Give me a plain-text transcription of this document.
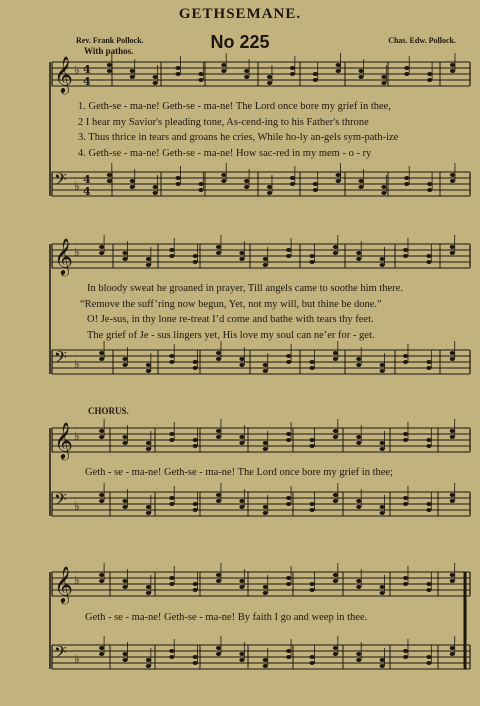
𝄞 ♭ 4
4
𝄢 ♭ 4
4
𝄞 ♭
𝄢 ♭
𝄞 ♭
𝄢 ♭
𝄞 ♭
𝄢 ♭
GETHSEMANE.
Rev. Frank Pollock.	Chas. Edw. Pollock.
No 225
With pathos.
1. Geth-se - ma-ne! Geth-se - ma-ne! The Lord once bore my grief in thee,
2 I hear my Savior's pleading tone, As-cend-ing to his Father's throne
3. Thus thrice in tears and groans he cries, While ho-ly an-gels sym-path-ize
4. Geth-se - ma-ne! Geth-se - ma-ne! How sac-red in my mem - o - ry
In bloody sweat he groaned in prayer, Till angels came to soothe him there.
“Remove the suff’ring now begun, Yet, not my will, but thine be done.”
O! Je-sus, in thy lone re-treat I’d come and bathe with tears thy feet.
The grief of Je - sus lingers yet, His love my soul can ne’er for - get.
CHORUS.
Geth - se - ma-ne! Geth-se - ma-ne! The Lord once bore my grief in thee;
Geth - se - ma-ne! Geth-se - ma-ne! By faith I go and weep in thee.
